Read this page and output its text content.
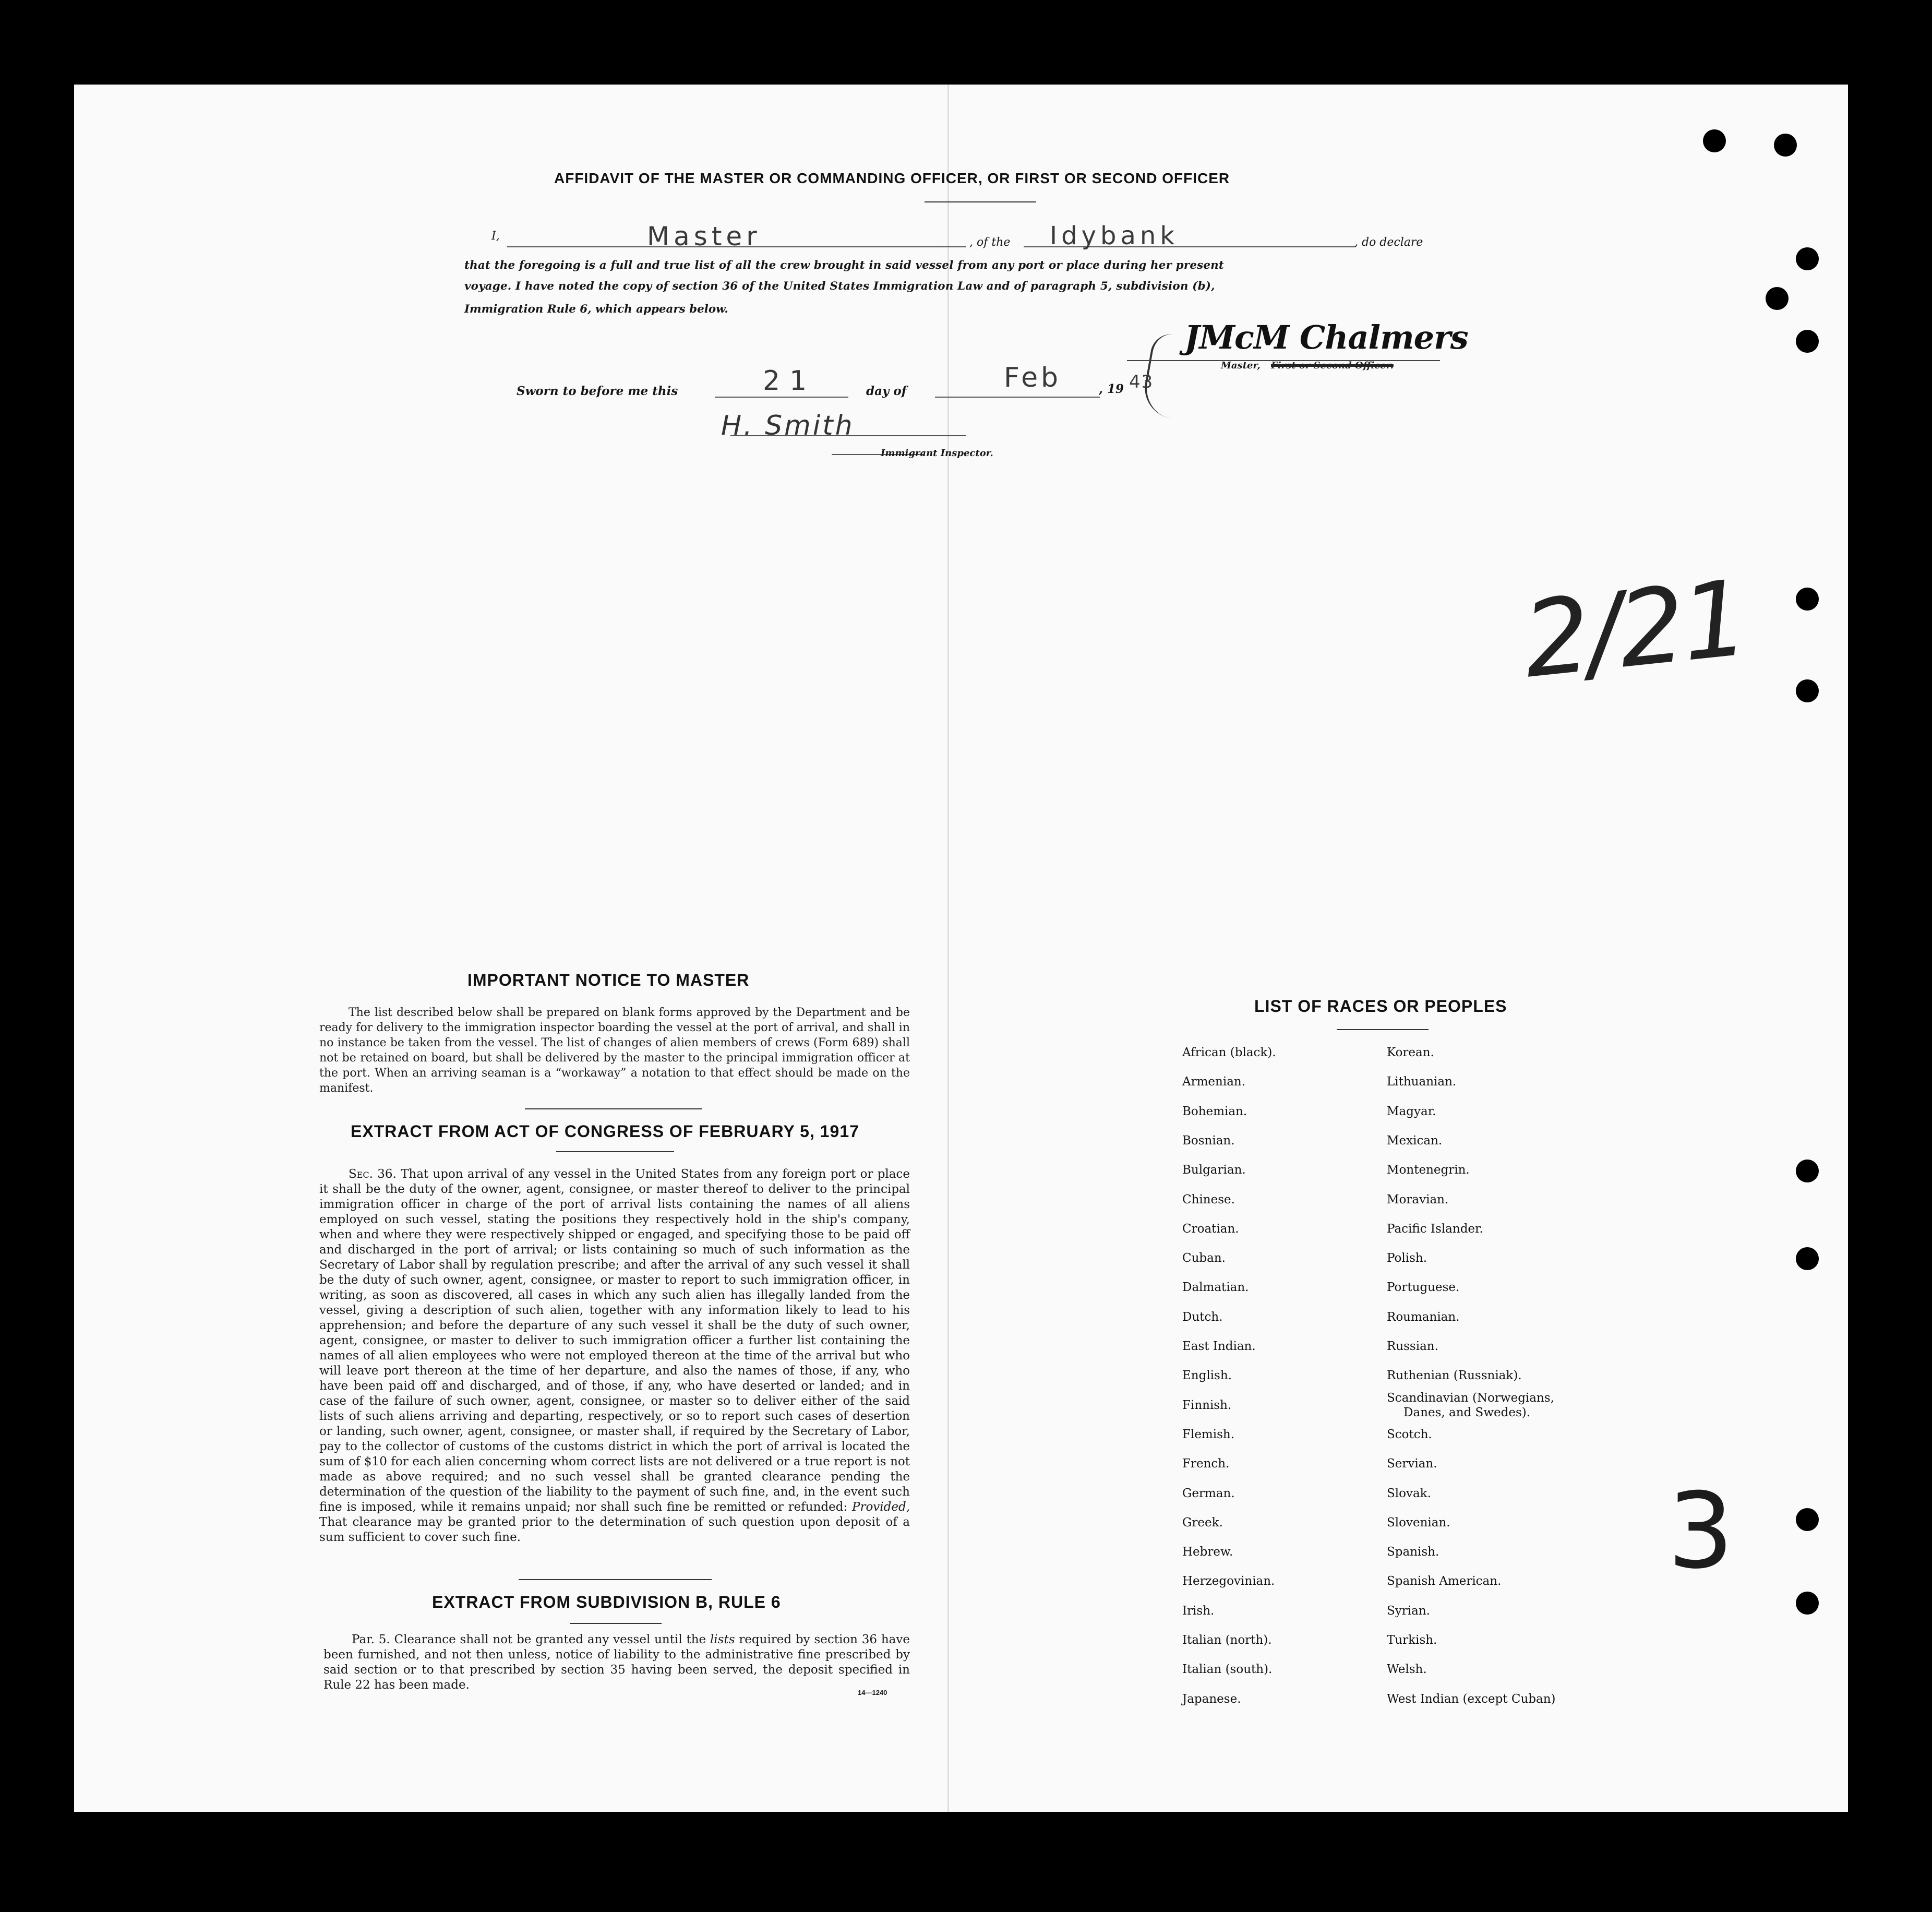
AFFIDAVIT OF THE MASTER OR COMMANDING OFFICER, OR FIRST OR SECOND OFFICER
I,	Master	, of the Idybank	, do declare
that the foregoing is a full and true list of all the crew brought in said vessel from any port or place during her present
voyage. I have noted the copy of section 36 of the United States Immigration Law and of paragraph 5, subdivision (b),
Immigration Rule 6, which appears below.
JMcM Chalmers
Master, First or Second Officer.
Sworn to before me this	21	day of	Feb	, 19 43
H. Smith
Immigrant Inspector.
2/21
3
IMPORTANT NOTICE TO MASTER
The list described below shall be prepared on blank forms approved by the Department and be ready for delivery to the immigration inspector boarding the vessel at the port of arrival, and shall in no instance be taken from the vessel. The list of changes of alien members of crews (Form 689) shall not be retained on board, but shall be delivered by the master to the principal immigration officer at the port. When an arriving seaman is a “workaway” a notation to that effect should be made on the manifest.
EXTRACT FROM ACT OF CONGRESS OF FEBRUARY 5, 1917
Sec. 36. That upon arrival of any vessel in the United States from any foreign port or place it shall be the duty of the owner, agent, consignee, or master thereof to deliver to the principal immigration officer in charge of the port of arrival lists containing the names of all aliens employed on such vessel, stating the positions they respectively hold in the ship's company, when and where they were respectively shipped or engaged, and specifying those to be paid off and discharged in the port of arrival; or lists containing so much of such information as the Secretary of Labor shall by regulation prescribe; and after the arrival of any such vessel it shall be the duty of such owner, agent, consignee, or master to report to such immigration officer, in writing, as soon as discovered, all cases in which any such alien has illegally landed from the vessel, giving a description of such alien, together with any information likely to lead to his apprehension; and before the departure of any such vessel it shall be the duty of such owner, agent, consignee, or master to deliver to such immigration officer a further list containing the names of all alien employees who were not employed thereon at the time of the arrival but who will leave port thereon at the time of her departure, and also the names of those, if any, who have been paid off and discharged, and of those, if any, who have deserted or landed; and in case of the failure of such owner, agent, consignee, or master so to deliver either of the said lists of such aliens arriving and departing, respectively, or so to report such cases of desertion or landing, such owner, agent, consignee, or master shall, if required by the Secretary of Labor, pay to the collector of customs of the customs district in which the port of arrival is located the sum of $10 for each alien concerning whom correct lists are not delivered or a true report is not made as above required; and no such vessel shall be granted clearance pending the determination of the question of the liability to the payment of such fine, and, in the event such fine is imposed, while it remains unpaid; nor shall such fine be remitted or refunded: Provided, That clearance may be granted prior to the determination of such question upon deposit of a sum sufficient to cover such fine.
EXTRACT FROM SUBDIVISION B, RULE 6
Par. 5. Clearance shall not be granted any vessel until the lists required by section 36 have been furnished, and not then unless, notice of liability to the administrative fine prescribed by said section or to that prescribed by section 35 having been served, the deposit specified in Rule 22 has been made.
14—1240
LIST OF RACES OR PEOPLES
African (black).
Armenian.
Bohemian.
Bosnian.
Bulgarian.
Chinese.
Croatian.
Cuban.
Dalmatian.
Dutch.
East Indian.
English.
Finnish.
Flemish.
French.
German.
Greek.
Hebrew.
Herzegovinian.
Irish.
Italian (north).
Italian (south).
Japanese.
Korean.
Lithuanian.
Magyar.
Mexican.
Montenegrin.
Moravian.
Pacific Islander.
Polish.
Portuguese.
Roumanian.
Russian.
Ruthenian (Russniak).
Scandinavian (Norwegians,
Scotch.
Servian.
Slovak.
Slovenian.
Spanish.
Spanish American.
Syrian.
Turkish.
Welsh.
West Indian (except Cuban)
Danes, and Swedes).
